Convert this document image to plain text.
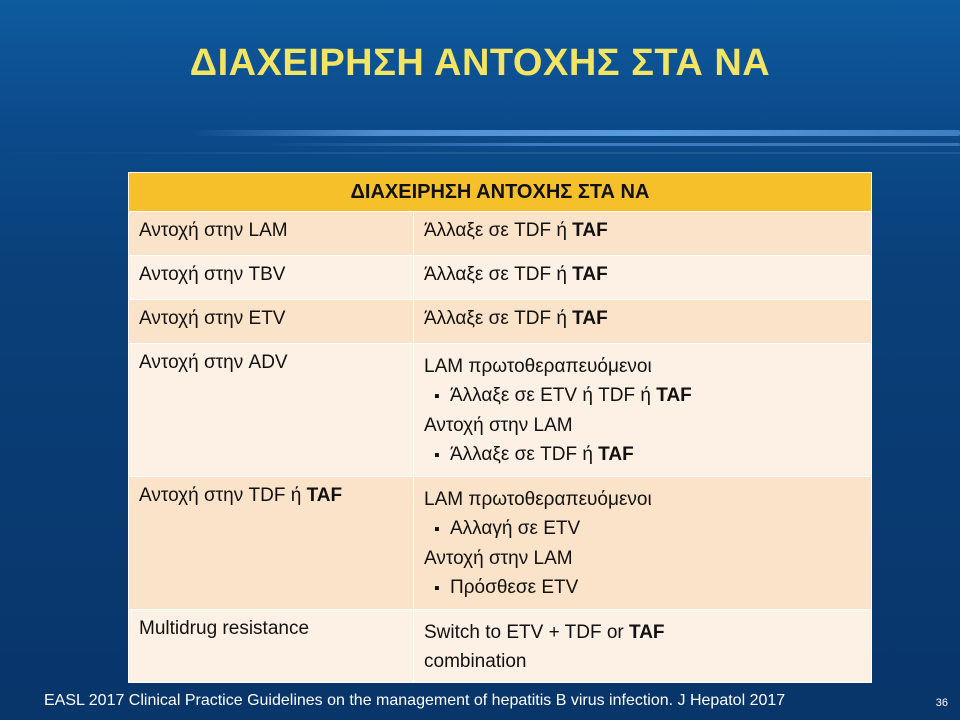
ΔΙΑΧΕΙΡΗΣΗ ΑΝΤΟΧΗΣ ΣΤΑ ΝΑ
ΔΙΑΧΕΙΡΗΣΗ ΑΝΤΟΧΗΣ ΣΤΑ ΝΑ	
Αντοχή στην LAM	Άλλαξε σε TDF ή TAF
Αντοχή στην TBV	Άλλαξε σε TDF ή TAF
Αντοχή στην ETV	Άλλαξε σε TDF ή TAF
Αντοχή στην ADV	LAM πρωτοθεραπευόμενοι
▪ Άλλαξε σε ETV ή TDF ή TAF
Αντοχή στην LAM
▪ Άλλαξε σε TDF ή TAF

Αντοχή στην TDF ή TAF	LAM πρωτοθεραπευόμενοι
▪ Αλλαγή σε ETV
Αντοχή στην LAM
▪ Πρόσθεσε ETV

Multidrug resistance	Switch to ETV + TDF or TAF
combination
EASL 2017 Clinical Practice Guidelines on the management of hepatitis B virus infection. J Hepatol 2017	36
